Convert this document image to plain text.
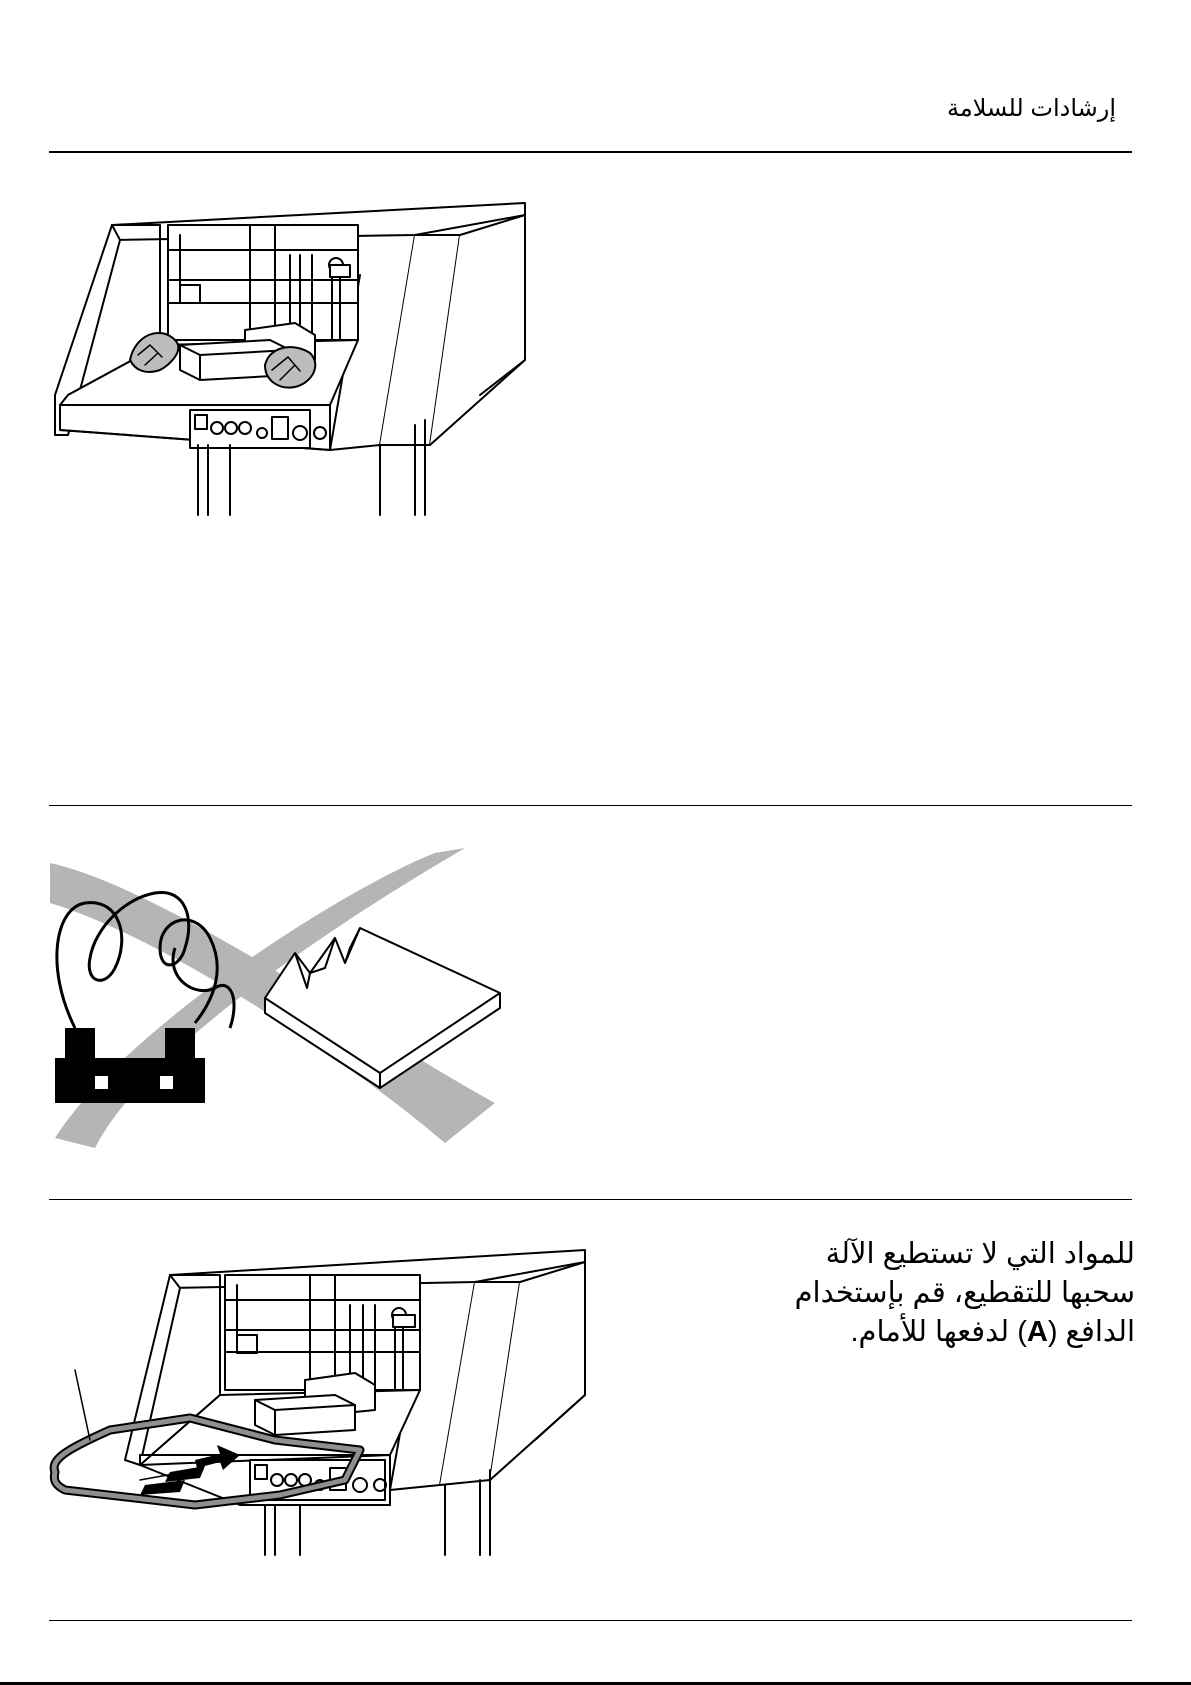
إرشادات للسلامة

للمواد التي لا تستطيع الآلة

سحبها للتقطيع، قم بإستخدام

الدافع (A) لدفعها للأمام.
